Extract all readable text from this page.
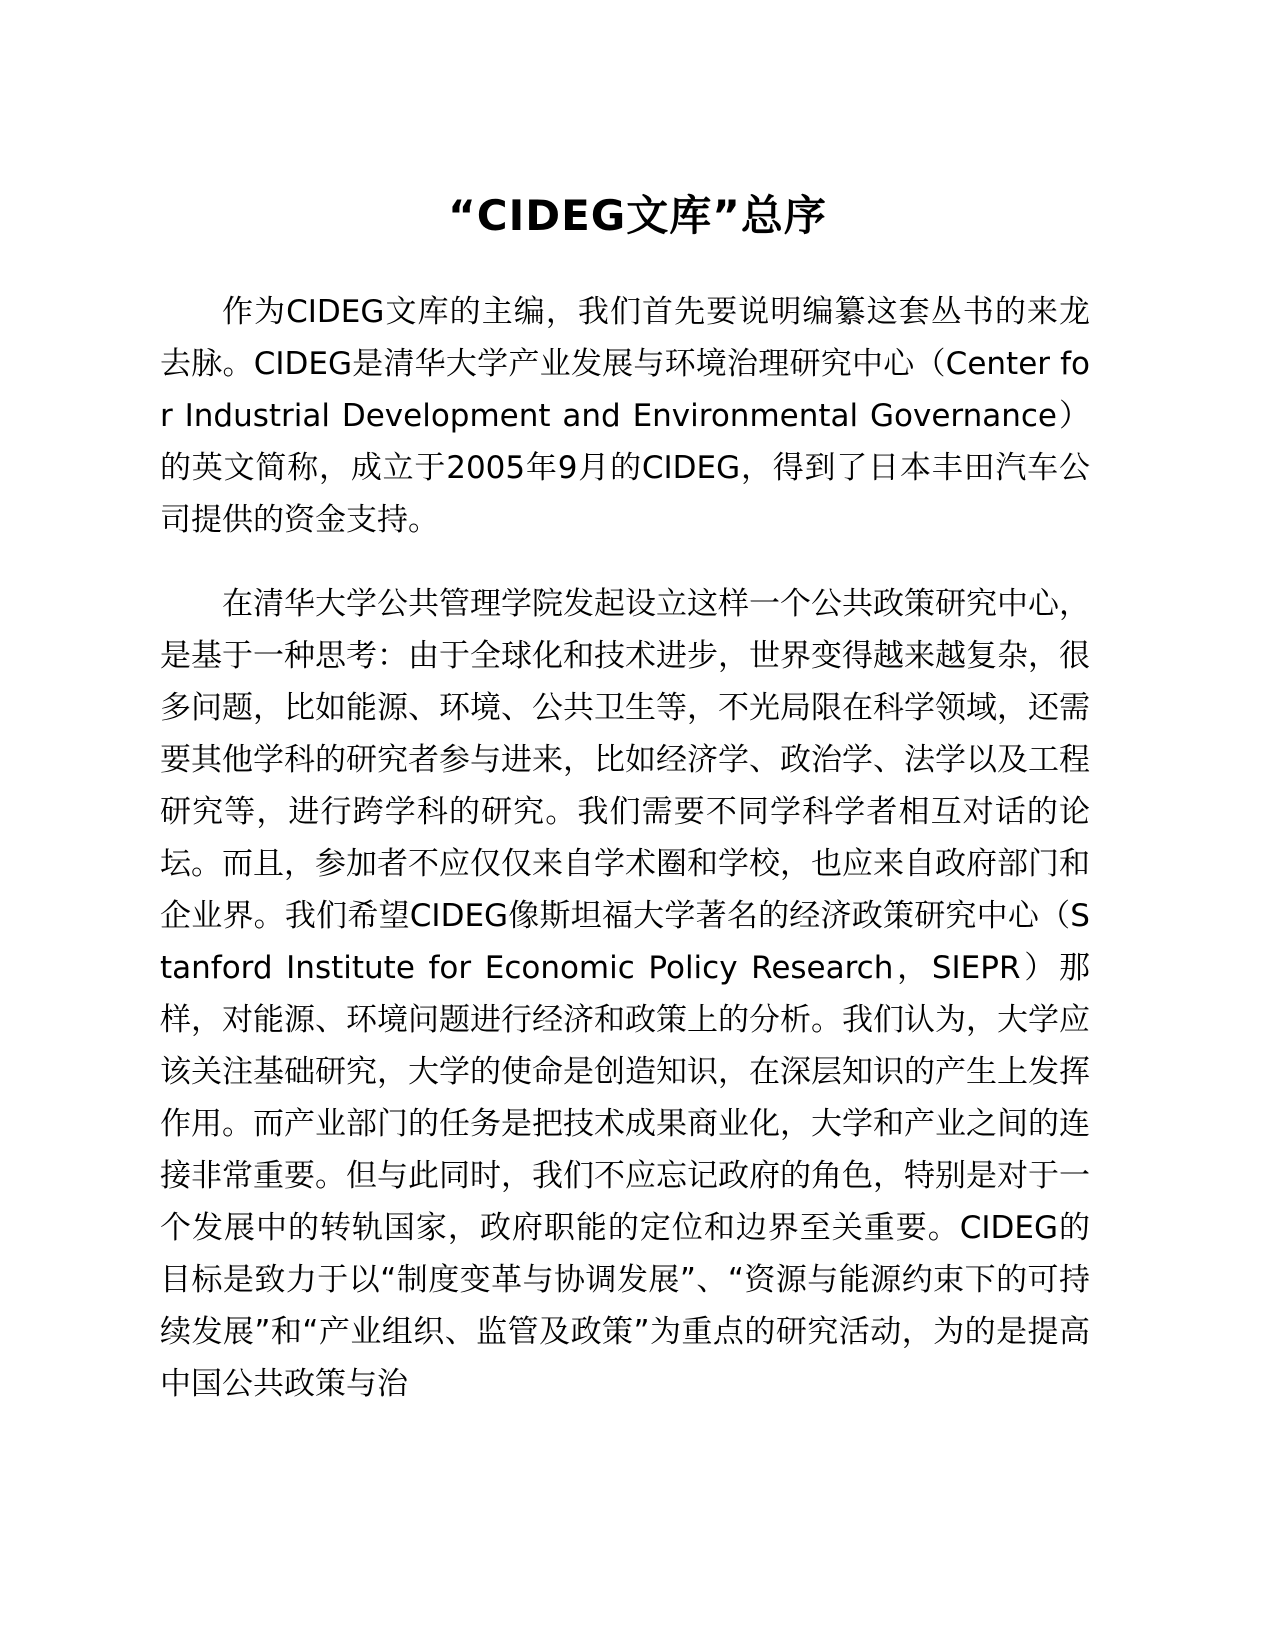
“CIDEG文库”总序

作为CIDEG文库的主编，我们首先要说明编纂这套丛书的来龙去脉。CIDEG是清华大学产业发展与环境治理研究中心（Center for Industrial Development and Environmental Governance）的英文简称，成立于2005年9月的CIDEG，得到了日本丰田汽车公司提供的资金支持。

在清华大学公共管理学院发起设立这样一个公共政策研究中心，是基于一种思考：由于全球化和技术进步，世界变得越来越复杂，很多问题，比如能源、环境、公共卫生等，不光局限在科学领域，还需要其他学科的研究者参与进来，比如经济学、政治学、法学以及工程研究等，进行跨学科的研究。我们需要不同学科学者相互对话的论坛。而且，参加者不应仅仅来自学术圈和学校，也应来自政府部门和企业界。我们希望CIDEG像斯坦福大学著名的经济政策研究中心（Stanford Institute for Economic Policy Research，SIEPR）那样，对能源、环境问题进行经济和政策上的分析。我们认为，大学应该关注基础研究，大学的使命是创造知识，在深层知识的产生上发挥作用。而产业部门的任务是把技术成果商业化，大学和产业之间的连接非常重要。但与此同时，我们不应忘记政府的角色，特别是对于一个发展中的转轨国家，政府职能的定位和边界至关重要。CIDEG的目标是致力于以“制度变革与协调发展”、“资源与能源约束下的可持续发展”和“产业组织、监管及政策”为重点的研究活动，为的是提高中国公共政策与治
